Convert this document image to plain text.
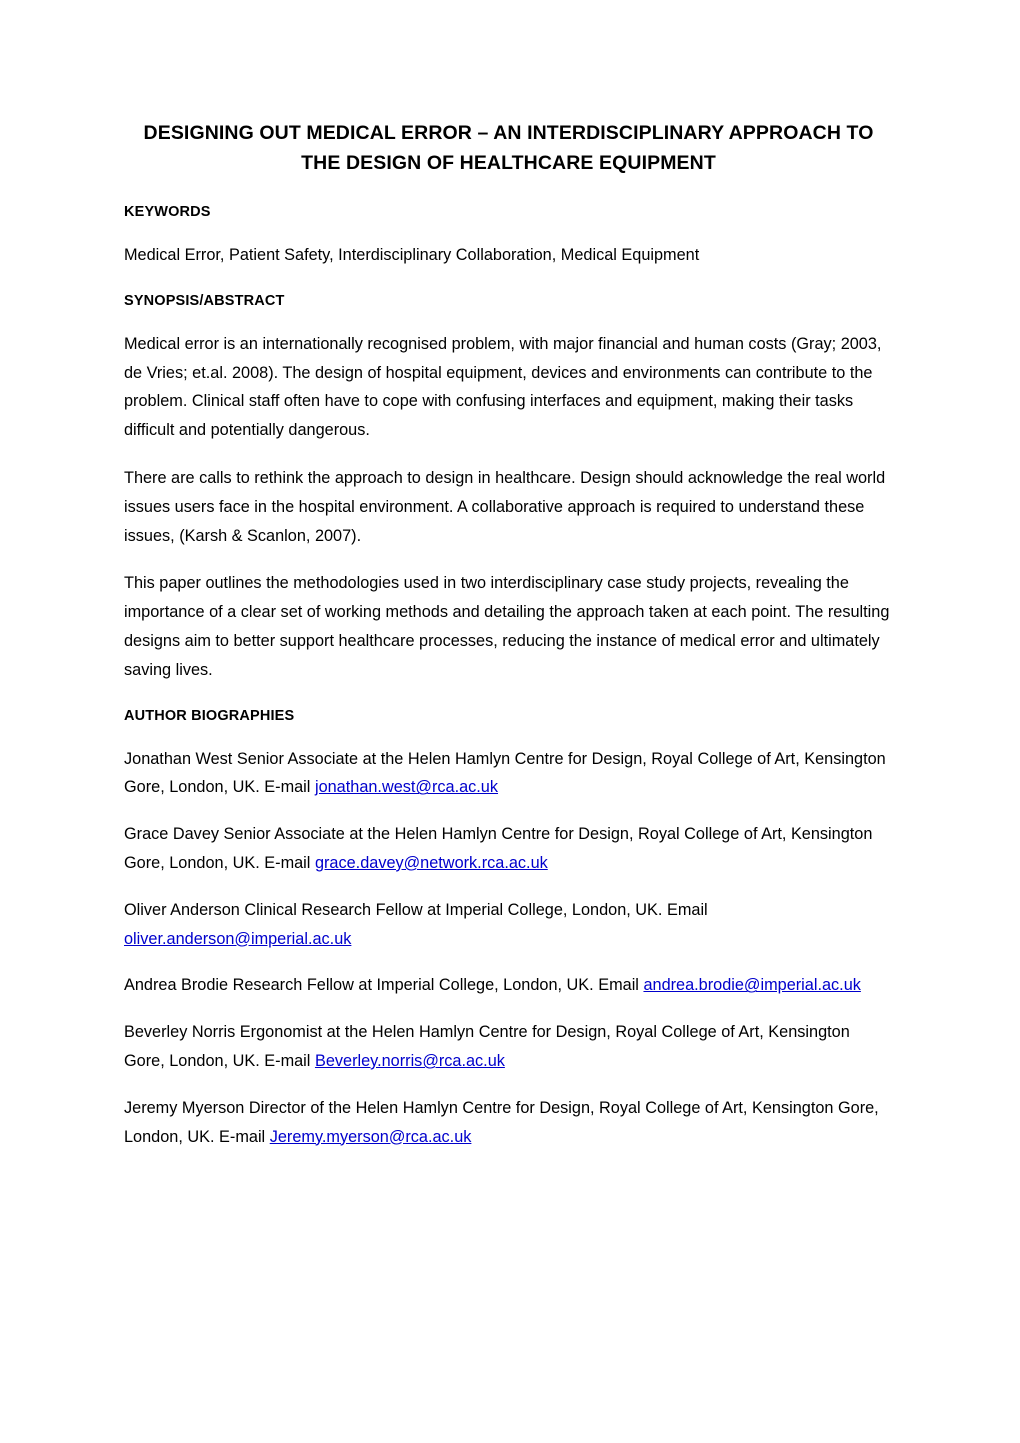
DESIGNING OUT MEDICAL ERROR – AN INTERDISCIPLINARY APPROACH TO THE DESIGN OF HEALTHCARE EQUIPMENT
KEYWORDS

Medical Error, Patient Safety, Interdisciplinary Collaboration, Medical Equipment

SYNOPSIS/ABSTRACT

Medical error is an internationally recognised problem, with major financial and human costs (Gray; 2003, de Vries; et.al. 2008). The design of hospital equipment, devices and environments can contribute to the problem. Clinical staff often have to cope with confusing interfaces and equipment, making their tasks difficult and potentially dangerous.

There are calls to rethink the approach to design in healthcare. Design should acknowledge the real world issues users face in the hospital environment. A collaborative approach is required to understand these issues, (Karsh & Scanlon, 2007).

This paper outlines the methodologies used in two interdisciplinary case study projects, revealing the importance of a clear set of working methods and detailing the approach taken at each point. The resulting designs aim to better support healthcare processes, reducing the instance of medical error and ultimately saving lives.

AUTHOR BIOGRAPHIES

Jonathan West Senior Associate at the Helen Hamlyn Centre for Design, Royal College of Art, Kensington Gore, London, UK. E-mail jonathan.west@rca.ac.uk

Grace Davey Senior Associate at the Helen Hamlyn Centre for Design, Royal College of Art, Kensington Gore, London, UK. E-mail grace.davey@network.rca.ac.uk

Oliver Anderson Clinical Research Fellow at Imperial College, London, UK. Email oliver.anderson@imperial.ac.uk

Andrea Brodie Research Fellow at Imperial College, London, UK. Email andrea.brodie@imperial.ac.uk

Beverley Norris Ergonomist at the Helen Hamlyn Centre for Design, Royal College of Art, Kensington Gore, London, UK. E-mail Beverley.norris@rca.ac.uk

Jeremy Myerson Director of the Helen Hamlyn Centre for Design, Royal College of Art, Kensington Gore, London, UK. E-mail Jeremy.myerson@rca.ac.uk
